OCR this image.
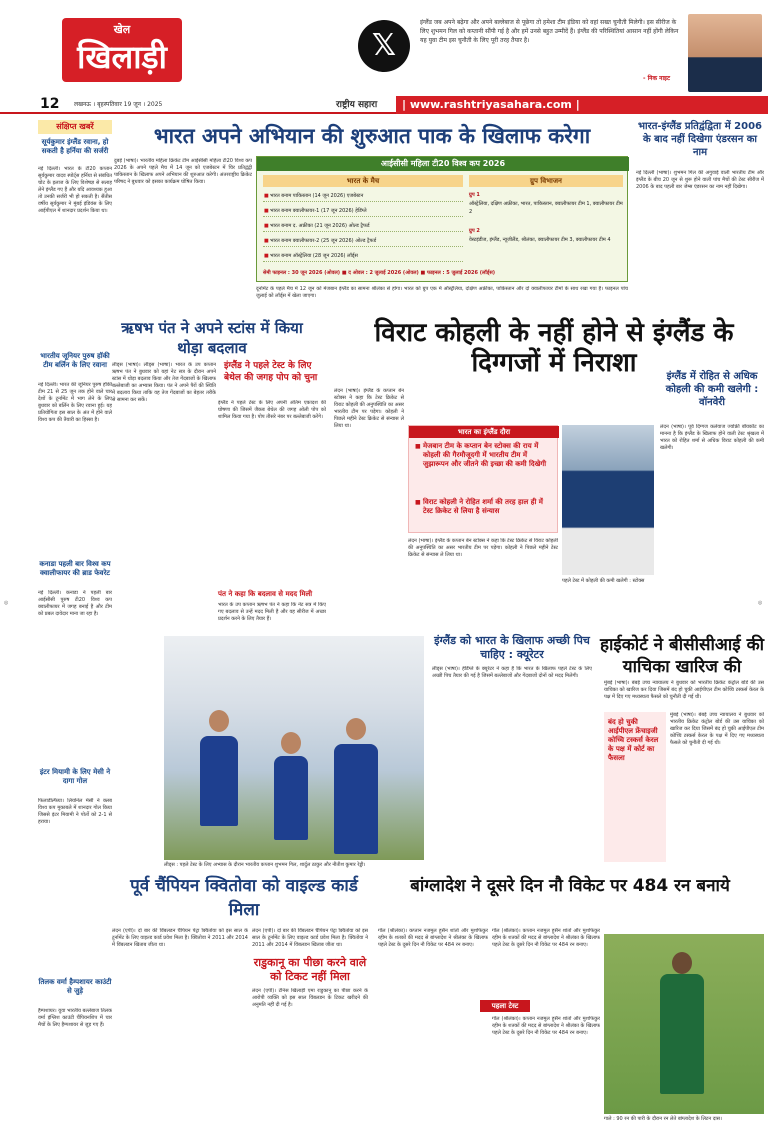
खेल
खिलाड़ी	𝕏
इंग्लैंड जब अपने बढ़ेगा और अपने बल्लेबाज से पूछेगा तो हमेशा टीम इंडिया को वहां सख्त चुनौती मिलेगी। इस सीरीज के लिए शुभमन गिल को कप्तानी सौंपी गई है और हमें उनसे बहुत उम्मीदें हैं। इंग्लैंड की परिस्थितियां आसान नहीं होंगी लेकिन यह युवा टीम इस चुनौती के लिए पूरी तरह तैयार है।
- निक नाइट
12 लखनऊ । बृहस्पतिवार 19 जून । 2025	राष्ट्रीय सहारा	| www.rashtriyasahara.com |
संक्षिप्त खबरें
सूर्यकुमार इंग्लैंड रवाना, हो सकती है हर्निया की सर्जरी
नई दिल्ली। भारत के टी20 कप्तान सूर्यकुमार यादव स्पोर्ट्स हर्निया से संबंधित चोट के इलाज के लिए विशेषज्ञ से सलाह लेने इंग्लैंड गए हैं और यदि आवश्यक हुआ तो उनकी सर्जरी भी हो सकती है। सैंतीस वर्षीय सूर्यकुमार ने मुंबई इंडियंस के लिए आईपीएल में शानदार प्रदर्शन किया था।
भारतीय जूनियर पुरुष हॉकी टीम बर्लिन के लिए रवाना
नई दिल्ली। भारत की जूनियर पुरुष हॉकी टीम 21 से 25 जून तक होने वाले चार देशों के टूर्नामेंट में भाग लेने के लिए बुधवार को बर्लिन के लिए रवाना हुई। यह प्रतियोगिता इस साल के अंत में होने वाले विश्व कप की तैयारी का हिस्सा है।
कनाडा पहली बार विश्व कप क्वालीफायर की ब्राड फेवरेट
नई दिल्ली। कनाडा ने पहली बार आईसीसी पुरुष टी20 विश्व कप क्वालीफायर में जगह बनाई है और टीम को प्रबल दावेदार माना जा रहा है।
इंटर मियामी के लिए मेसी ने दागा गोल
फिलाडेल्फिया। लियोनेल मेसी ने क्लब विश्व कप मुकाबले में शानदार गोल किया जिससे इंटर मियामी ने पोर्तो को 2-1 से हराया।
तिलक वर्मा हैम्पशायर काउंटी से जुड़े
हैम्पशायर। युवा भारतीय बल्लेबाज तिलक वर्मा इंग्लिश काउंटी चैंपियनशिप में चार मैचों के लिए हैम्पशायर से जुड़ गए हैं।
भारत अपने अभियान की शुरुआत पाक के खिलाफ करेगा
दुबई (भाषा)। भारतीय महिला क्रिकेट टीम आईसीसी महिला टी20 विश्व कप 2026 के अपने पहले मैच में 14 जून को एजबेस्टन में चिर प्रतिद्वंद्वी पाकिस्तान के खिलाफ अपने अभियान की शुरुआत करेगी। अंतरराष्ट्रीय क्रिकेट परिषद ने बुधवार को इसका कार्यक्रम घोषित किया।
दूर्नामेंट के पहले मैच में 12 जून को मेजबान इंग्लैंड का सामना श्रीलंका से होगा। भारत को ग्रुप एक में ऑस्ट्रेलिया, दक्षिण अफ्रीका, पाकिस्तान और दो क्वालीफायर टीमों के साथ रखा गया है। फाइनल पांच जुलाई को लॉर्ड्स में खेला जाएगा।
आईसीसी महिला टी20 विश्व कप 2026
भारत के मैच	ग्रुप विभाजन
■ भारत बनाम पाकिस्तान (14 जून 2026) एजबेस्टन
■ भारत बनाम क्वालीफायर-1 (17 जून 2026) हेडिंग्ले
■ भारत बनाम द. अफ्रीका (21 जून 2026) ओल्ड ट्रैफर्ड
■ भारत बनाम क्वालीफायर-2 (25 जून 2026) ओल्ड ट्रैफर्ड
■ भारत बनाम ऑस्ट्रेलिया (28 जून 2026) लॉर्ड्स
ग्रुप 1
ऑस्ट्रेलिया, दक्षिण अफ्रीका, भारत, पाकिस्तान, क्वालीफायर टीम 1, क्वालीफायर टीम 2
ग्रुप 2
वेस्टइंडीज, इंग्लैंड, न्यूजीलैंड, श्रीलंका, क्वालीफायर टीम 3, क्वालीफायर टीम 4
सेमी फाइनल : 30 जून 2026 (ओवल) ■ द ओवल : 2 जुलाई 2026 (ओवल) ■ फाइनल : 5 जुलाई 2026 (लॉर्ड्स)
भारत-इंग्लैंड प्रतिद्वंद्विता में 2006 के बाद नहीं दिखेगा एंडरसन का नाम
नई दिल्ली (भाषा)। शुभमन गिल की अगुवाई वाली भारतीय टीम और इंग्लैंड के बीच 20 जून से शुरू होने वाली पांच मैचों की टेस्ट सीरीज में 2006 के बाद पहली बार जेम्स एंडरसन का नाम नहीं दिखेगा।
ऋषभ पंत ने अपने स्टांस में किया थोड़ा बदलाव
लीड्स (भाषा)। लीड्स (भाषा)। भारत के उप कप्तान ऋषभ पंत ने बुधवार को यहां नेट सत्र के दौरान अपने स्टांस में थोड़ा बदलाव किया और तेज गेंदबाजों के खिलाफ बल्लेबाजी का अभ्यास किया। पंत ने अपने पैरों की स्थिति में बदलाव किया ताकि वह तेज गेंदबाजों का बेहतर तरीके से सामना कर सकें।
इंग्लैंड ने पहले टेस्ट के लिए बेथेल की जगह पोप को चुना
इंग्लैंड ने पहले टेस्ट के लिए अपनी अंतिम एकादश की घोषणा की जिसमें जैकब बेथेल की जगह ओली पोप को शामिल किया गया है। पोप तीसरे नंबर पर बल्लेबाजी करेंगे।
पंत ने कहा कि बदलाव से मदद मिली
भारत के उप कप्तान ऋषभ पंत ने कहा कि नेट सत्र में किए गए बदलाव से उन्हें मदद मिली है और वह सीरीज में अच्छा प्रदर्शन करने के लिए तैयार हैं।
विराट कोहली के नहीं होने से इंग्लैंड के दिग्गजों में निराशा
लंदन (भाषा)। इंग्लैंड के कप्तान बेन स्टोक्स ने कहा कि टेस्ट क्रिकेट से विराट कोहली की अनुपस्थिति का असर भारतीय टीम पर पड़ेगा। कोहली ने पिछले महीने टेस्ट क्रिकेट से संन्यास ले लिया था।
भारत का इंग्लैंड दौरा
■ मेजबान टीम के कप्तान बेन स्टोक्स की राय में कोहली की गैरमौजूदगी में भारतीय टीम में जुझारूपन और जीतने की इच्छा की कमी दिखेगी
■ विराट कोहली ने रोहित शर्मा की तरह हाल ही में टेस्ट क्रिकेट से लिया है संन्यास
लंदन (भाषा)। इंग्लैंड के कप्तान बेन स्टोक्स ने कहा कि टेस्ट क्रिकेट से विराट कोहली की अनुपस्थिति का असर भारतीय टीम पर पड़ेगा। कोहली ने पिछले महीने टेस्ट क्रिकेट से संन्यास ले लिया था।
पहले टेस्ट में कोहली की कमी खलेगी : स्टोक्स
इंग्लैंड में रोहित से अधिक कोहली की कमी खलेगी : वॉनवेरी
लंदन (भाषा)। पूर्व दिग्गज कलेवाज ज्योफ्री बॉयकॉट का मानना है कि इंग्लैंड के खिलाफ होने वाली टेस्ट श्रृंखला में भारत को रोहित शर्मा से अधिक विराट कोहली की कमी खलेगी।
लीड्स : पहले टेस्ट के लिए अभ्यास के दौरान भारतीय कप्तान शुभमन गिल, शार्दुल ठाकुर और नीतीश कुमार रेड्डी।
इंग्लैंड को भारत के खिलाफ अच्छी पिच चाहिए : क्यूरेटर
लीड्स (भाषा)। हेडिंग्ले के क्यूरेटर ने कहा है कि भारत के खिलाफ पहले टेस्ट के लिए अच्छी पिच तैयार की गई है जिसमें बल्लेबाजों और गेंदबाजों दोनों को मदद मिलेगी।
हाईकोर्ट ने बीसीसीआई की याचिका खारिज की
मुंबई (भाषा)। बंबई उच्च न्यायालय ने बुधवार को भारतीय क्रिकेट कंट्रोल बोर्ड की उस याचिका को खारिज कर दिया जिसमें बंद हो चुकी आईपीएल टीम कोच्चि टस्कर्स केरल के पक्ष में दिए गए मध्यस्थता फैसले को चुनौती दी गई थी।
बंद हो चुकी आईपीएल फ्रेंचाइजी कोच्चि टस्कर्स केरल के पक्ष में कोर्ट का फैसला
मुंबई (भाषा)। बंबई उच्च न्यायालय ने बुधवार को भारतीय क्रिकेट कंट्रोल बोर्ड की उस याचिका को खारिज कर दिया जिसमें बंद हो चुकी आईपीएल टीम कोच्चि टस्कर्स केरल के पक्ष में दिए गए मध्यस्थता फैसले को चुनौती दी गई थी।
पूर्व चैंपियन क्वितोवा को वाइल्ड कार्ड मिला
लंदन (एपी)। दो बार की विंबलडन चैंपियन पेट्रा क्वितोवा को इस साल के टूर्नामेंट के लिए वाइल्ड कार्ड प्रवेश मिला है। क्वितोवा ने 2011 और 2014 में विंबलडन खिताब जीता था।
लंदन (एपी)। दो बार की विंबलडन चैंपियन पेट्रा क्वितोवा को इस साल के टूर्नामेंट के लिए वाइल्ड कार्ड प्रवेश मिला है। क्वितोवा ने 2011 और 2014 में विंबलडन खिताब जीता था।
राडुकानू का पीछा करने वाले को टिकट नहीं मिला
लंदन (एपी)। टेनिस खिलाड़ी एमा राडुकानू का पीछा करने के आरोपी व्यक्ति को इस साल विंबलडन के टिकट खरीदने की अनुमति नहीं दी गई है।
बांग्लादेश ने दूसरे दिन नौ विकेट पर 484 रन बनाये
गॉल (श्रीलंका)। कप्तान नजमुल हुसैन शांतो और मुशफिकुर रहीम के शतकों की मदद से बांग्लादेश ने श्रीलंका के खिलाफ पहले टेस्ट के दूसरे दिन नौ विकेट पर 484 रन बनाए।
पहला टेस्ट
गॉल (श्रीलंका)। कप्तान नजमुल हुसैन शांतो और मुशफिकुर रहीम के शतकों की मदद से बांग्लादेश ने श्रीलंका के खिलाफ पहले टेस्ट के दूसरे दिन नौ विकेट पर 484 रन बनाए।
गॉल (श्रीलंका)। कप्तान नजमुल हुसैन शांतो और मुशफिकुर रहीम के शतकों की मदद से बांग्लादेश ने श्रीलंका के खिलाफ पहले टेस्ट के दूसरे दिन नौ विकेट पर 484 रन बनाए।
गाले : 90 रन की पारी के दौरान रन लेते बांग्लादेश के लिटन दास।
◎	◎
